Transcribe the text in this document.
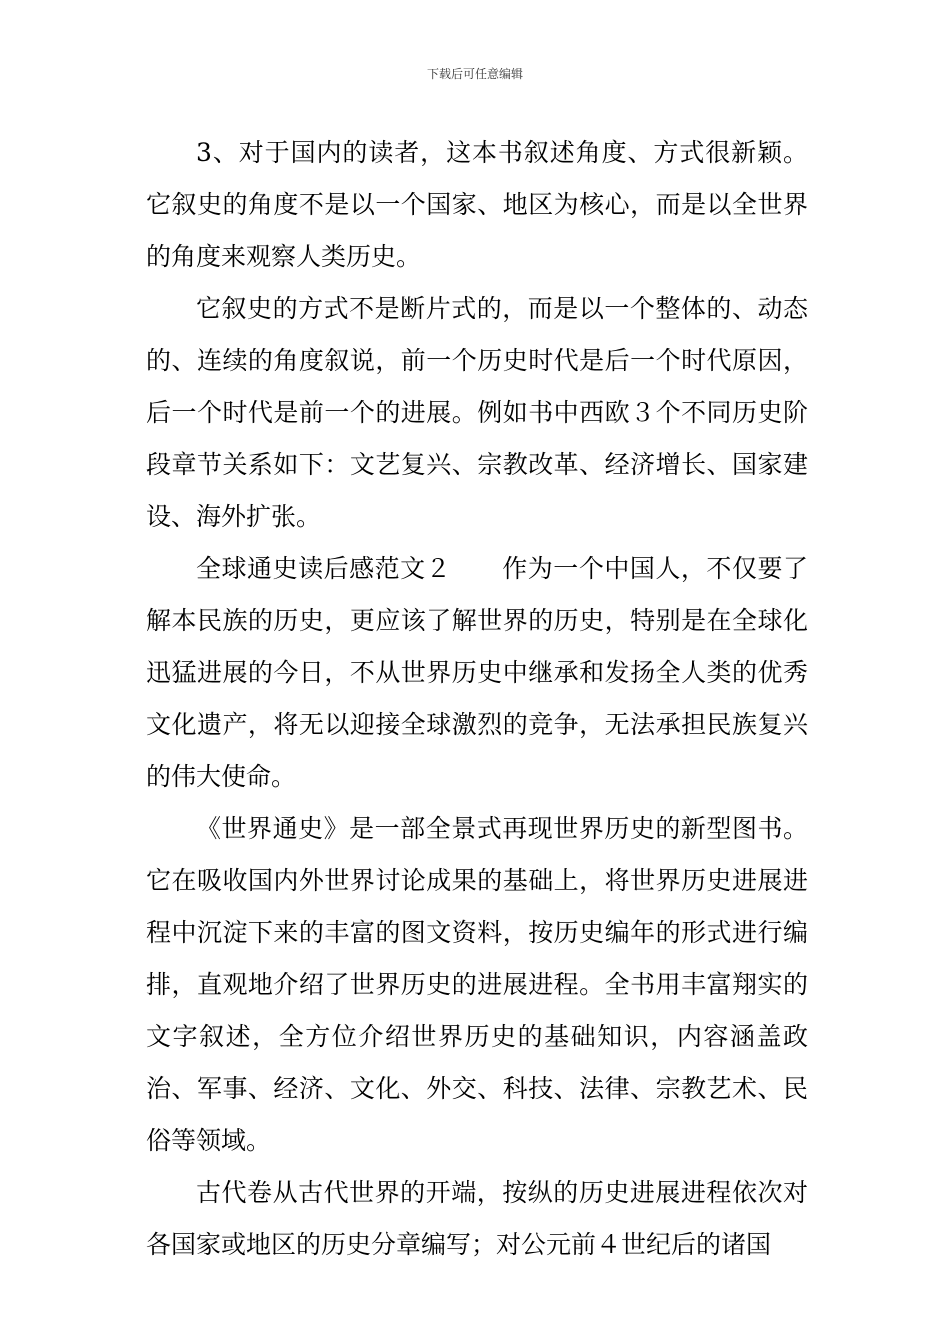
下载后可任意编辑

3、对于国内的读者，这本书叙述角度、方式很新颖。它叙史的角度不是以一个国家、地区为核心，而是以全世界的角度来观察人类历史。

它叙史的方式不是断片式的，而是以一个整体的、动态的、连续的角度叙说，前一个历史时代是后一个时代原因，后一个时代是前一个的进展。例如书中西欧３个不同历史阶段章节关系如下：文艺复兴、宗教改革、经济增长、国家建设、海外扩张。

全球通史读后感范文２　　作为一个中国人，不仅要了解本民族的历史，更应该了解世界的历史，特别是在全球化迅猛进展的今日，不从世界历史中继承和发扬全人类的优秀文化遗产，将无以迎接全球激烈的竞争，无法承担民族复兴的伟大使命。

《世界通史》是一部全景式再现世界历史的新型图书。它在吸收国内外世界讨论成果的基础上，将世界历史进展进程中沉淀下来的丰富的图文资料，按历史编年的形式进行编排，直观地介绍了世界历史的进展进程。全书用丰富翔实的文字叙述，全方位介绍世界历史的基础知识，内容涵盖政治、军事、经济、文化、外交、科技、法律、宗教艺术、民俗等领域。

古代卷从古代世界的开端，按纵的历史进展进程依次对各国家或地区的历史分章编写；对公元前４世纪后的诸国
